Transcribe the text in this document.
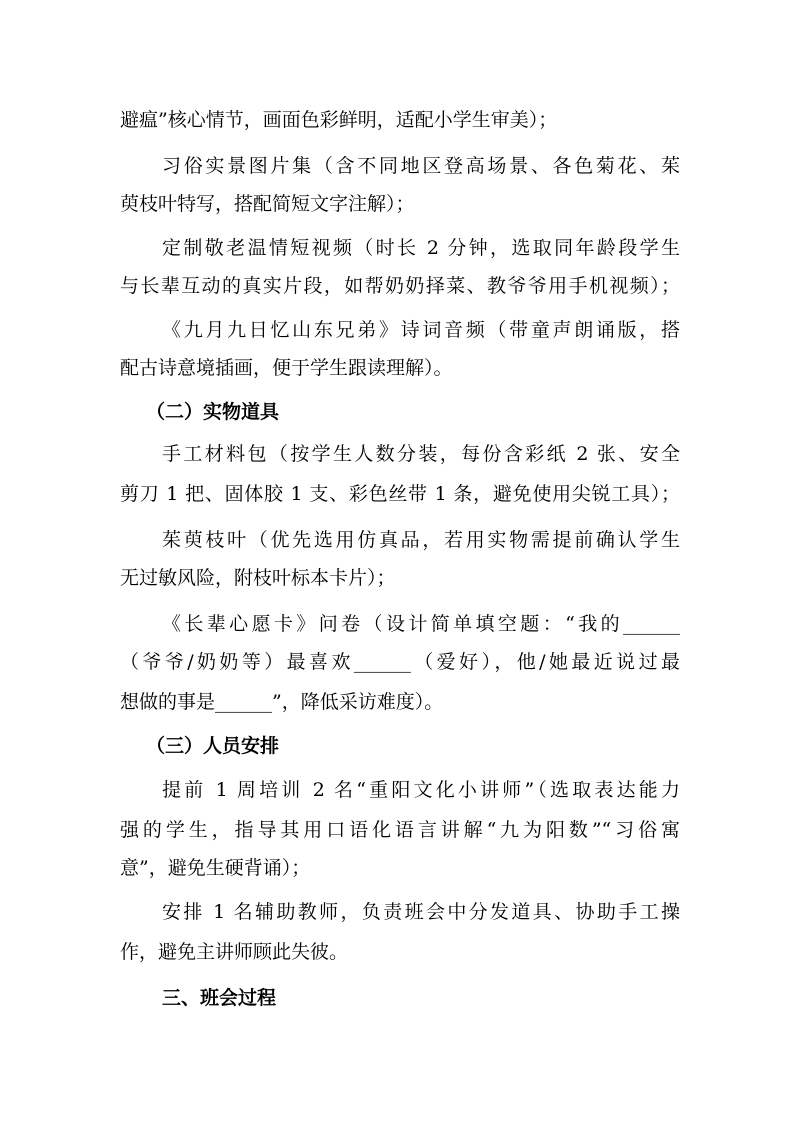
避瘟”核心情节，画面色彩鲜明，适配小学生审美）；
习俗实景图片集（含不同地区登高场景、各色菊花、茱
萸枝叶特写，搭配简短文字注解）；
定制敬老温情短视频（时长 2 分钟，选取同年龄段学生
与长辈互动的真实片段，如帮奶奶择菜、教爷爷用手机视频）；
《九月九日忆山东兄弟》诗词音频（带童声朗诵版，搭
配古诗意境插画，便于学生跟读理解）。
（二）实物道具
手工材料包（按学生人数分装，每份含彩纸 2 张、安全
剪刀 1 把、固体胶 1 支、彩色丝带 1 条，避免使用尖锐工具）；
茱萸枝叶（优先选用仿真品，若用实物需提前确认学生
无过敏风险，附枝叶标本卡片）；
《长辈心愿卡》问卷（设计简单填空题：“我的______
（爷爷/奶奶等）最喜欢______（爱好），他/她最近说过最
想做的事是______”，降低采访难度）。
（三）人员安排
提前 1 周培训 2 名“重阳文化小讲师”（选取表达能力
强的学生，指导其用口语化语言讲解“九为阳数”“习俗寓
意”，避免生硬背诵）；
安排 1 名辅助教师，负责班会中分发道具、协助手工操
作，避免主讲师顾此失彼。
三、班会过程
